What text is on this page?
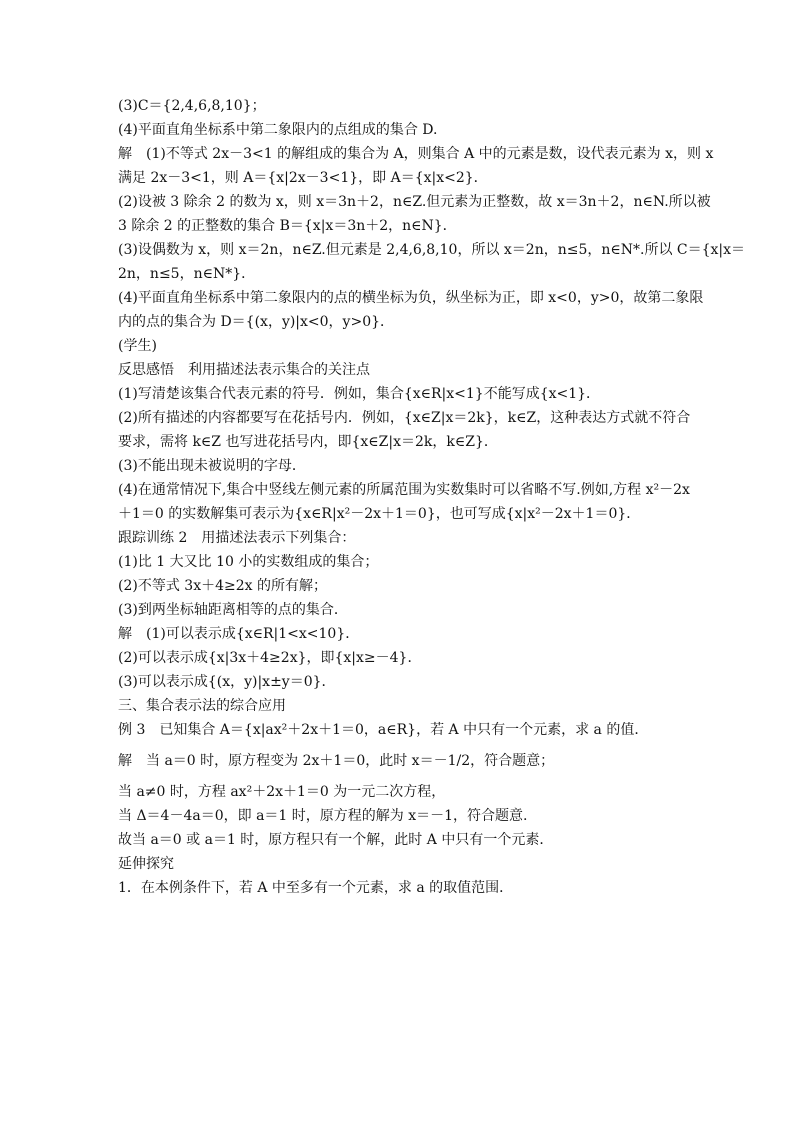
(3)C＝{2,4,6,8,10}；
(4)平面直角坐标系中第二象限内的点组成的集合 D.
解　(1)不等式 2x－3<1 的解组成的集合为 A，则集合 A 中的元素是数，设代表元素为 x，则 x
满足 2x－3<1，则 A＝{x|2x－3<1}，即 A＝{x|x<2}．
(2)设被 3 除余 2 的数为 x，则 x＝3n＋2，n∈Z.但元素为正整数，故 x＝3n＋2，n∈N.所以被
3 除余 2 的正整数的集合 B＝{x|x＝3n＋2，n∈N}．
(3)设偶数为 x，则 x＝2n，n∈Z.但元素是 2,4,6,8,10，所以 x＝2n，n≤5，n∈N*.所以 C＝{x|x＝
2n，n≤5，n∈N*}．
(4)平面直角坐标系中第二象限内的点的横坐标为负，纵坐标为正，即 x<0，y>0，故第二象限
内的点的集合为 D＝{(x，y)|x<0，y>0}．
(学生)
反思感悟　利用描述法表示集合的关注点
(1)写清楚该集合代表元素的符号．例如，集合{x∈R|x<1}不能写成{x<1}．
(2)所有描述的内容都要写在花括号内．例如，{x∈Z|x＝2k}，k∈Z，这种表达方式就不符合
要求，需将 k∈Z 也写进花括号内，即{x∈Z|x＝2k，k∈Z}．
(3)不能出现未被说明的字母．
(4)在通常情况下,集合中竖线左侧元素的所属范围为实数集时可以省略不写.例如,方程 x²－2x
＋1＝0 的实数解集可表示为{x∈R|x²－2x＋1＝0}，也可写成{x|x²－2x＋1＝0}．
跟踪训练 2　用描述法表示下列集合：
(1)比 1 大又比 10 小的实数组成的集合；
(2)不等式 3x＋4≥2x 的所有解；
(3)到两坐标轴距离相等的点的集合．
解　(1)可以表示成{x∈R|1<x<10}．
(2)可以表示成{x|3x＋4≥2x}，即{x|x≥－4}．
(3)可以表示成{(x，y)|x±y＝0}．
三、集合表示法的综合应用
例 3　已知集合 A＝{x|ax²＋2x＋1＝0，a∈R}，若 A 中只有一个元素，求 a 的值．
解　当 a＝0 时，原方程变为 2x＋1＝0，此时 x＝－1/2，符合题意；
当 a≠0 时，方程 ax²＋2x＋1＝0 为一元二次方程，
当 Δ＝4－4a＝0，即 a＝1 时，原方程的解为 x＝－1，符合题意.
故当 a＝0 或 a＝1 时，原方程只有一个解，此时 A 中只有一个元素．
延伸探究
1．在本例条件下，若 A 中至多有一个元素，求 a 的取值范围．
